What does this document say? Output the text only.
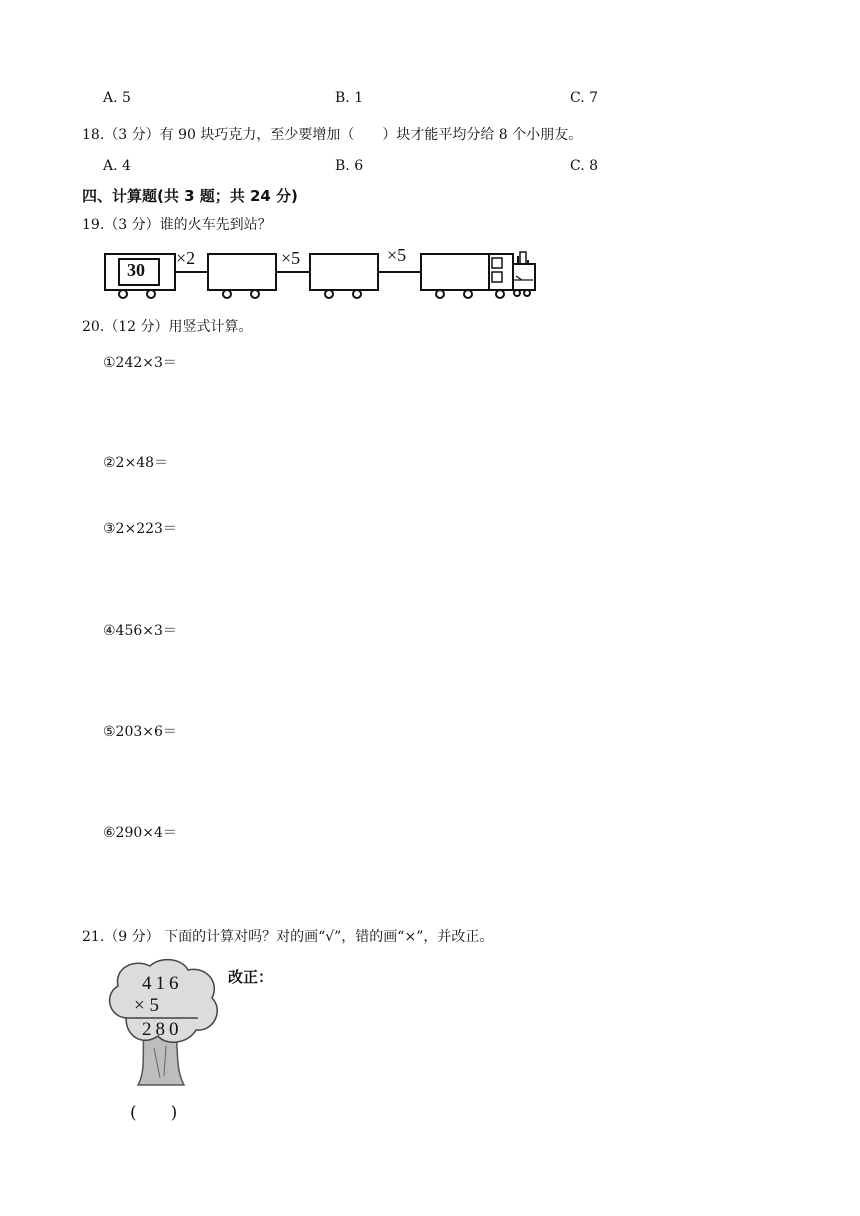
A. 5	B. 1	C. 7
18.（3 分）有 90 块巧克力，至少要增加（　　）块才能平均分给 8 个小朋友。
A. 4	B. 6	C. 8
四、计算题(共 3 题；共 24 分)
19.（3 分）谁的火车先到站？
30
×2	×5	×5
20.（12 分）用竖式计算。
①242×3＝
②2×48＝
③2×223＝
④456×3＝
⑤203×6＝
⑥290×4＝
21.（9 分） 下面的计算对吗？对的画“√”，错的画“×”，并改正。
416
× 5
280
改正：
(　　)
